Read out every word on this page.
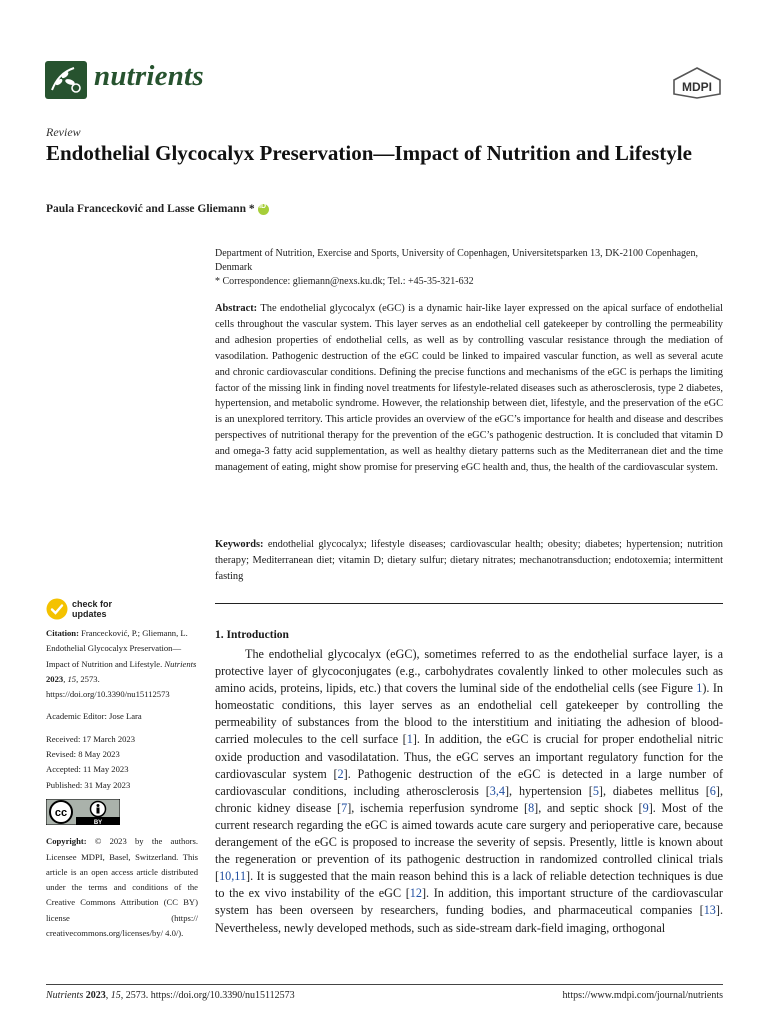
nutrients	MDPI
Review
Endothelial Glycocalyx Preservation—Impact of Nutrition and Lifestyle
Paula Francecković and Lasse Gliemann *
iD
Department of Nutrition, Exercise and Sports, University of Copenhagen, Universitetsparken 13, DK-2100 Copenhagen, Denmark
* Correspondence: gliemann@nexs.ku.dk; Tel.: +45-35-321-632
Abstract: The endothelial glycocalyx (eGC) is a dynamic hair-like layer expressed on the apical surface of endothelial cells throughout the vascular system. This layer serves as an endothelial cell gatekeeper by controlling the permeability and adhesion properties of endothelial cells, as well as by controlling vascular resistance through the mediation of vasodilation. Pathogenic destruction of the eGC could be linked to impaired vascular function, as well as several acute and chronic cardiovascular conditions. Defining the precise functions and mechanisms of the eGC is perhaps the limiting factor of the missing link in finding novel treatments for lifestyle-related diseases such as atherosclerosis, type 2 diabetes, hypertension, and metabolic syndrome. However, the relationship between diet, lifestyle, and the preservation of the eGC is an unexplored territory. This article provides an overview of the eGC’s importance for health and disease and describes perspectives of nutritional therapy for the prevention of the eGC’s pathogenic destruction. It is concluded that vitamin D and omega-3 fatty acid supplementation, as well as healthy dietary patterns such as the Mediterranean diet and the time management of eating, might show promise for preserving eGC health and, thus, the health of the cardiovascular system.
Keywords: endothelial glycocalyx; lifestyle diseases; cardiovascular health; obesity; diabetes; hypertension; nutrition therapy; Mediterranean diet; vitamin D; dietary sulfur; dietary nitrates; mechanotransduction; endotoxemia; intermittent fasting
check for
updates

Citation: Francecković, P.; Gliemann, L. Endothelial Glycocalyx Preservation—Impact of Nutrition and Lifestyle. Nutrients 2023, 15, 2573. https://doi.org/10.3390/nu15112573

Academic Editor: Jose Lara

Received: 17 March 2023

Revised: 8 May 2023

Accepted: 11 May 2023

Published: 31 May 2023

cc
BY

Copyright: © 2023 by the authors. Licensee MDPI, Basel, Switzerland. This article is an open access article distributed under the terms and conditions of the Creative Commons Attribution (CC BY) license (https:// creativecommons.org/licenses/by/ 4.0/).

1. Introduction
The endothelial glycocalyx (eGC), sometimes referred to as the endothelial surface layer, is a protective layer of glycoconjugates (e.g., carbohydrates covalently linked to other molecules such as amino acids, proteins, lipids, etc.) that covers the luminal side of the endothelial cells (see Figure 1). In homeostatic conditions, this layer serves as an endothelial cell gatekeeper by controlling the permeability of substances from the blood to the interstitium and initiating the adhesion of blood-carried molecules to the cell surface [1]. In addition, the eGC is crucial for proper endothelial nitric oxide production and vasodilatation. Thus, the eGC serves an important regulatory function for the cardiovascular system [2]. Pathogenic destruction of the eGC is detected in a large number of cardiovascular conditions, including atherosclerosis [3,4], hypertension [5], diabetes mellitus [6], chronic kidney disease [7], ischemia reperfusion syndrome [8], and septic shock [9]. Most of the current research regarding the eGC is aimed towards acute care surgery and perioperative care, because derangement of the eGC is proposed to increase the severity of sepsis. Presently, little is known about the regeneration or prevention of its pathogenic destruction in randomized controlled clinical trials [10,11]. It is suggested that the main reason behind this is a lack of reliable detection techniques is due to the ex vivo instability of the eGC [12]. In addition, this important structure of the cardiovascular system has been overseen by researchers, funding bodies, and pharmaceutical companies [13]. Nevertheless, newly developed methods, such as side-stream dark-field imaging, orthogonal
Nutrients 2023, 15, 2573. https://doi.org/10.3390/nu15112573	https://www.mdpi.com/journal/nutrients
